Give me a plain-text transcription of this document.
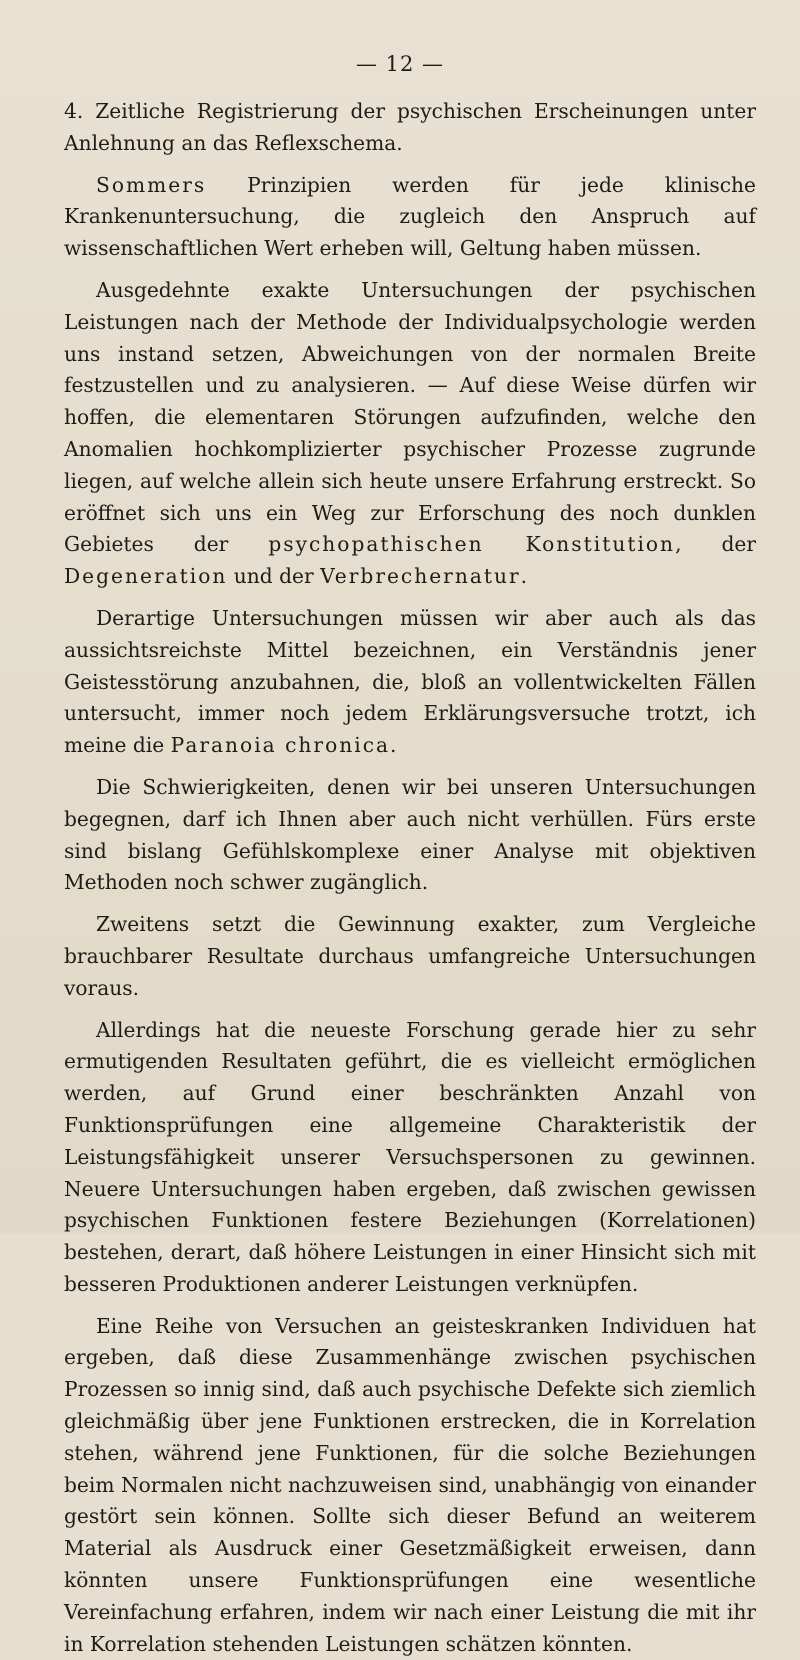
— 12 —

4. Zeitliche Registrierung der psychischen Erscheinungen unter Anlehnung an das Reflexschema.

Sommers Prinzipien werden für jede klinische Krankenuntersuchung, die zugleich den Anspruch auf wissenschaftlichen Wert erheben will, Geltung haben müssen.

Ausgedehnte exakte Untersuchungen der psychischen Leistungen nach der Methode der Individualpsychologie werden uns instand setzen, Abweichungen von der normalen Breite festzustellen und zu analysieren. — Auf diese Weise dürfen wir hoffen, die elementaren Störungen aufzufinden, welche den Anomalien hochkomplizierter psychischer Prozesse zugrunde liegen, auf welche allein sich heute unsere Erfahrung erstreckt. So eröffnet sich uns ein Weg zur Erforschung des noch dunklen Gebietes der psychopathischen Konstitution, der Degeneration und der Verbrechernatur.

Derartige Untersuchungen müssen wir aber auch als das aussichtsreichste Mittel bezeichnen, ein Verständnis jener Geistesstörung anzubahnen, die, bloß an vollentwickelten Fällen untersucht, immer noch jedem Erklärungsversuche trotzt, ich meine die Paranoia chronica.

Die Schwierigkeiten, denen wir bei unseren Untersuchungen begegnen, darf ich Ihnen aber auch nicht verhüllen. Fürs erste sind bislang Gefühlskomplexe einer Analyse mit objektiven Methoden noch schwer zugänglich.

Zweitens setzt die Gewinnung exakter, zum Vergleiche brauchbarer Resultate durchaus umfangreiche Untersuchungen voraus.

Allerdings hat die neueste Forschung gerade hier zu sehr ermutigenden Resultaten geführt, die es vielleicht ermöglichen werden, auf Grund einer beschränkten Anzahl von Funktionsprüfungen eine allgemeine Charakteristik der Leistungsfähigkeit unserer Versuchspersonen zu gewinnen. Neuere Untersuchungen haben ergeben, daß zwischen gewissen psychischen Funktionen festere Beziehungen (Korrelationen) bestehen, derart, daß höhere Leistungen in einer Hinsicht sich mit besseren Produktionen anderer Leistungen verknüpfen.

Eine Reihe von Versuchen an geisteskranken Individuen hat ergeben, daß diese Zusammenhänge zwischen psychischen Prozessen so innig sind, daß auch psychische Defekte sich ziemlich gleichmäßig über jene Funktionen erstrecken, die in Korrelation stehen, während jene Funktionen, für die solche Beziehungen beim Normalen nicht nachzuweisen sind, unabhängig von einander gestört sein können. Sollte sich dieser Befund an weiterem Material als Ausdruck einer Gesetzmäßigkeit erweisen, dann könnten unsere Funktionsprüfungen eine wesentliche Vereinfachung erfahren, indem wir nach einer Leistung die mit ihr in Korrelation stehenden Leistungen schätzen könnten.
